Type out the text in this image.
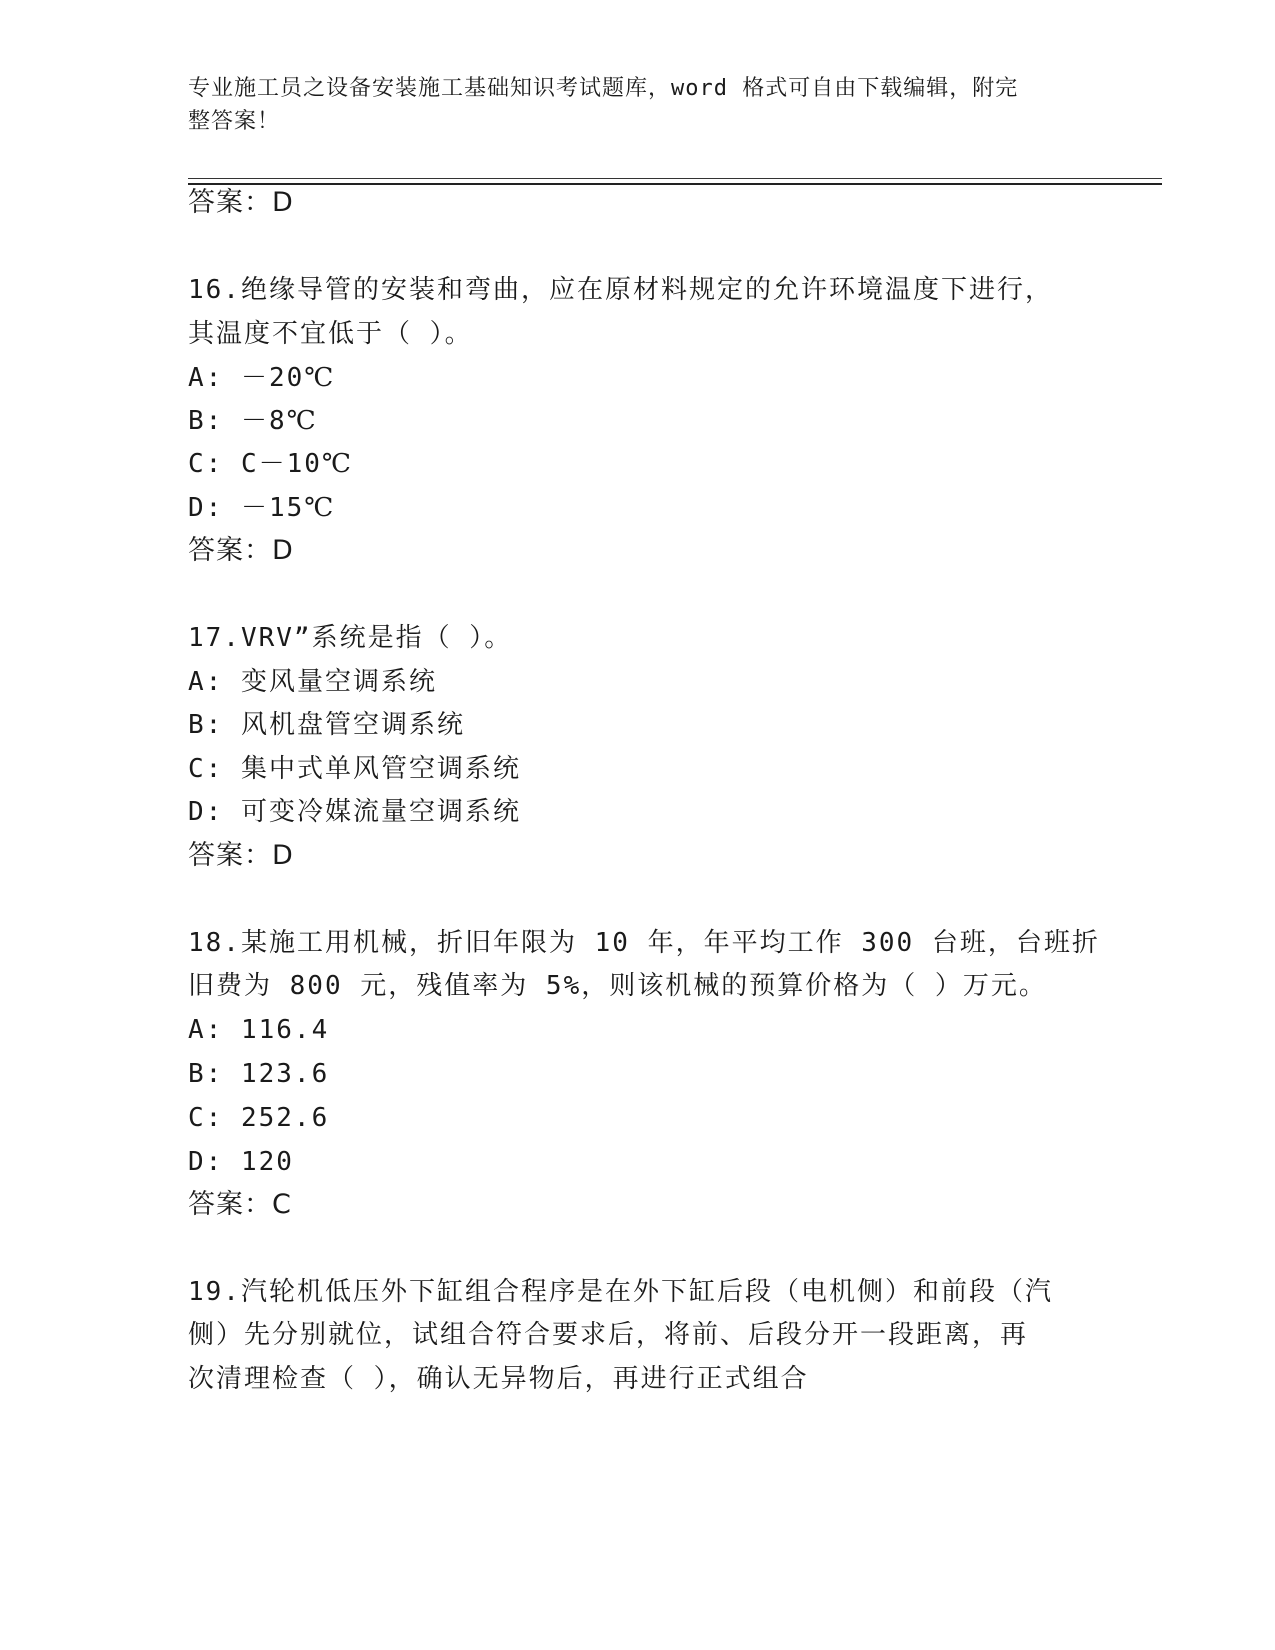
专业施工员之设备安装施工基础知识考试题库，word 格式可自由下载编辑，附完
整答案！
答案：D
16.绝缘导管的安装和弯曲，应在原材料规定的允许环境温度下进行，
其温度不宜低于（ ）。
A: －20℃
B: －8℃
C: C－10℃
D: －15℃
答案：D
17.VRV”系统是指（ ）。
A: 变风量空调系统
B: 风机盘管空调系统
C: 集中式单风管空调系统
D: 可变冷媒流量空调系统
答案：D
18.某施工用机械，折旧年限为 10 年，年平均工作 300 台班，台班折
旧费为 800 元，残值率为 5%，则该机械的预算价格为（ ）万元。
A: 116.4
B: 123.6
C: 252.6
D: 120
答案：C
19.汽轮机低压外下缸组合程序是在外下缸后段（电机侧）和前段（汽
侧）先分别就位，试组合符合要求后，将前、后段分开一段距离，再
次清理检查（ ），确认无异物后，再进行正式组合
